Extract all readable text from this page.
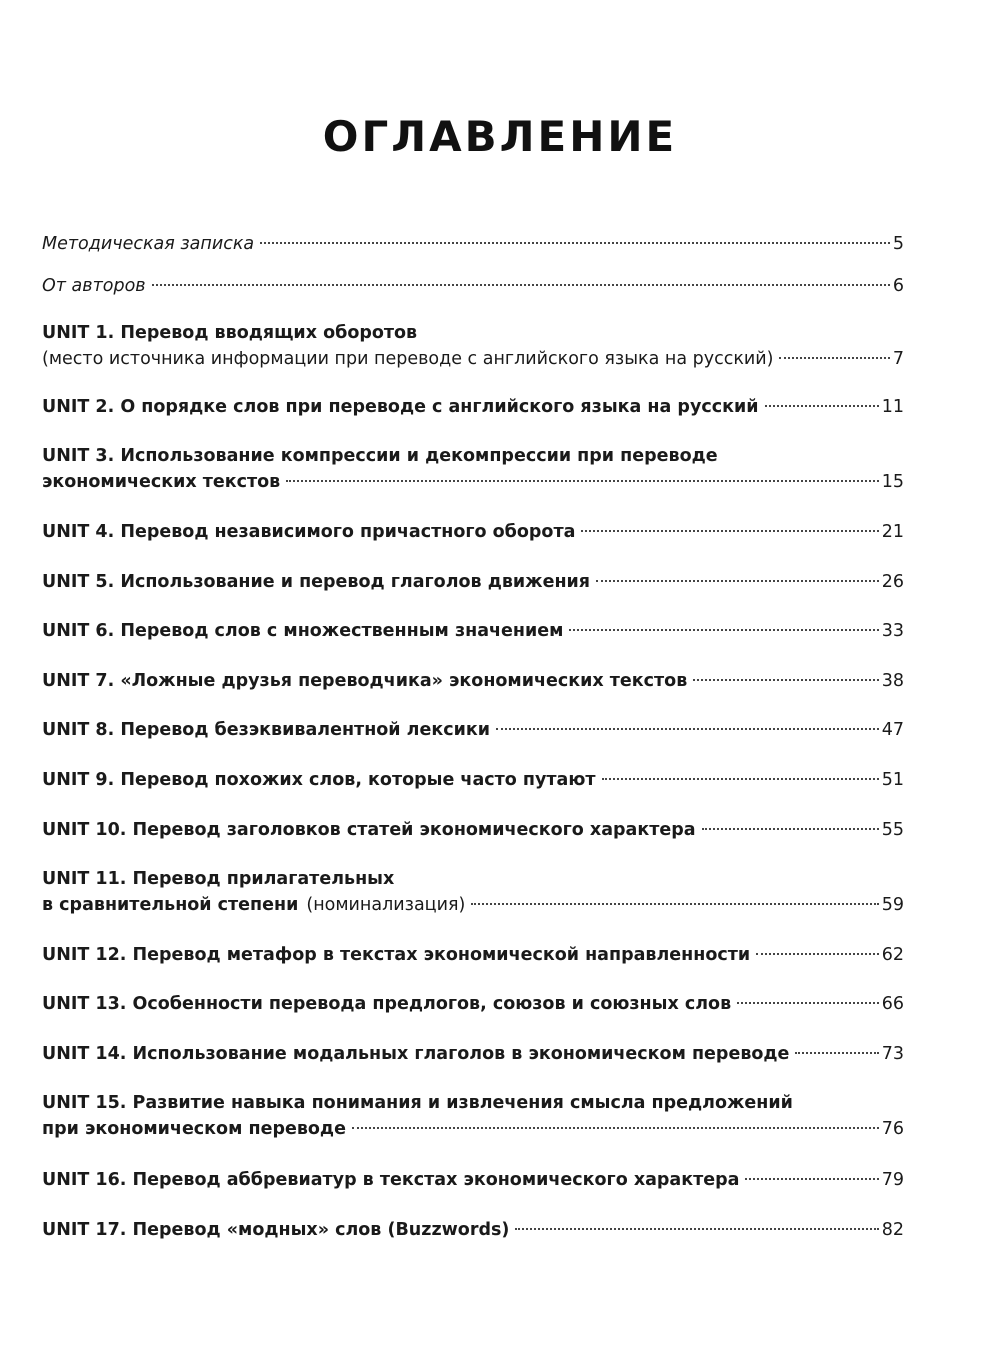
ОГЛАВЛЕНИЕ
Методическая записка	5
От авторов	6
UNIT 1. Перевод вводящих оборотов
(место источника информации при переводе с английского языка на русский)	7
UNIT 2. О порядке слов при переводе с английского языка на русский	11
UNIT 3. Использование компрессии и декомпрессии при переводе
экономических текстов	15
UNIT 4. Перевод независимого причастного оборота	21
UNIT 5. Использование и перевод глаголов движения	26
UNIT 6. Перевод слов с множественным значением	33
UNIT 7. «Ложные друзья переводчика» экономических текстов	38
UNIT 8. Перевод безэквивалентной лексики	47
UNIT 9. Перевод похожих слов, которые часто путают	51
UNIT 10. Перевод заголовков статей экономического характера	55
UNIT 11. Перевод прилагательных
в сравнительной степени (номинализация)	59
UNIT 12. Перевод метафор в текстах экономической направленности	62
UNIT 13. Особенности перевода предлогов, союзов и союзных слов	66
UNIT 14. Использование модальных глаголов в экономическом переводе	73
UNIT 15. Развитие навыка понимания и извлечения смысла предложений
при экономическом переводе	76
UNIT 16. Перевод аббревиатур в текстах экономического характера	79
UNIT 17. Перевод «модных» слов (Buzzwords)	82
